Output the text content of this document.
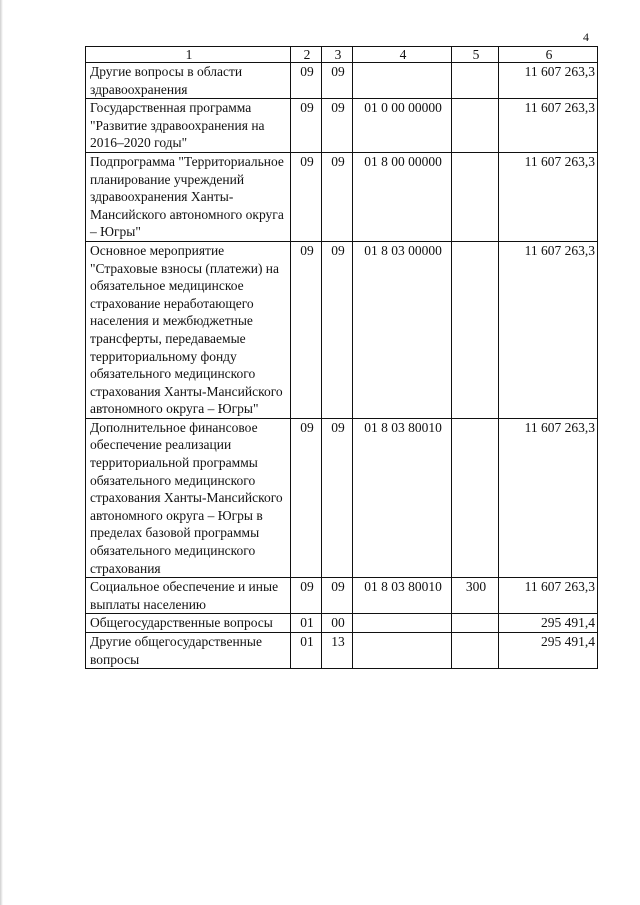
4
1	2	3	4	5	6
Другие вопросы в области здравоохранения	09	09			11 607 263,3
Государственная программа "Развитие здравоохранения на 2016–2020 годы"	09	09	01 0 00 00000		11 607 263,3
Подпрограмма "Территориальное планирование учреждений здравоохранения Ханты-Мансийского автономного округа – Югры"	09	09	01 8 00 00000		11 607 263,3
Основное мероприятие "Страховые взносы (платежи) на обязательное медицинское страхование неработающего населения и межбюджетные трансферты, передаваемые территориальному фонду обязательного медицинского страхования Ханты-Мансийского автономного округа – Югры"	09	09	01 8 03 00000		11 607 263,3
Дополнительное финансовое обеспечение реализации территориальной программы обязательного медицинского страхования Ханты-Мансийского автономного округа – Югры в пределах базовой программы обязательного медицинского страхования	09	09	01 8 03 80010		11 607 263,3
Социальное обеспечение и иные выплаты населению	09	09	01 8 03 80010	300	11 607 263,3
Общегосударственные вопросы	01	00			295 491,4
Другие общегосударственные вопросы	01	13			295 491,4
